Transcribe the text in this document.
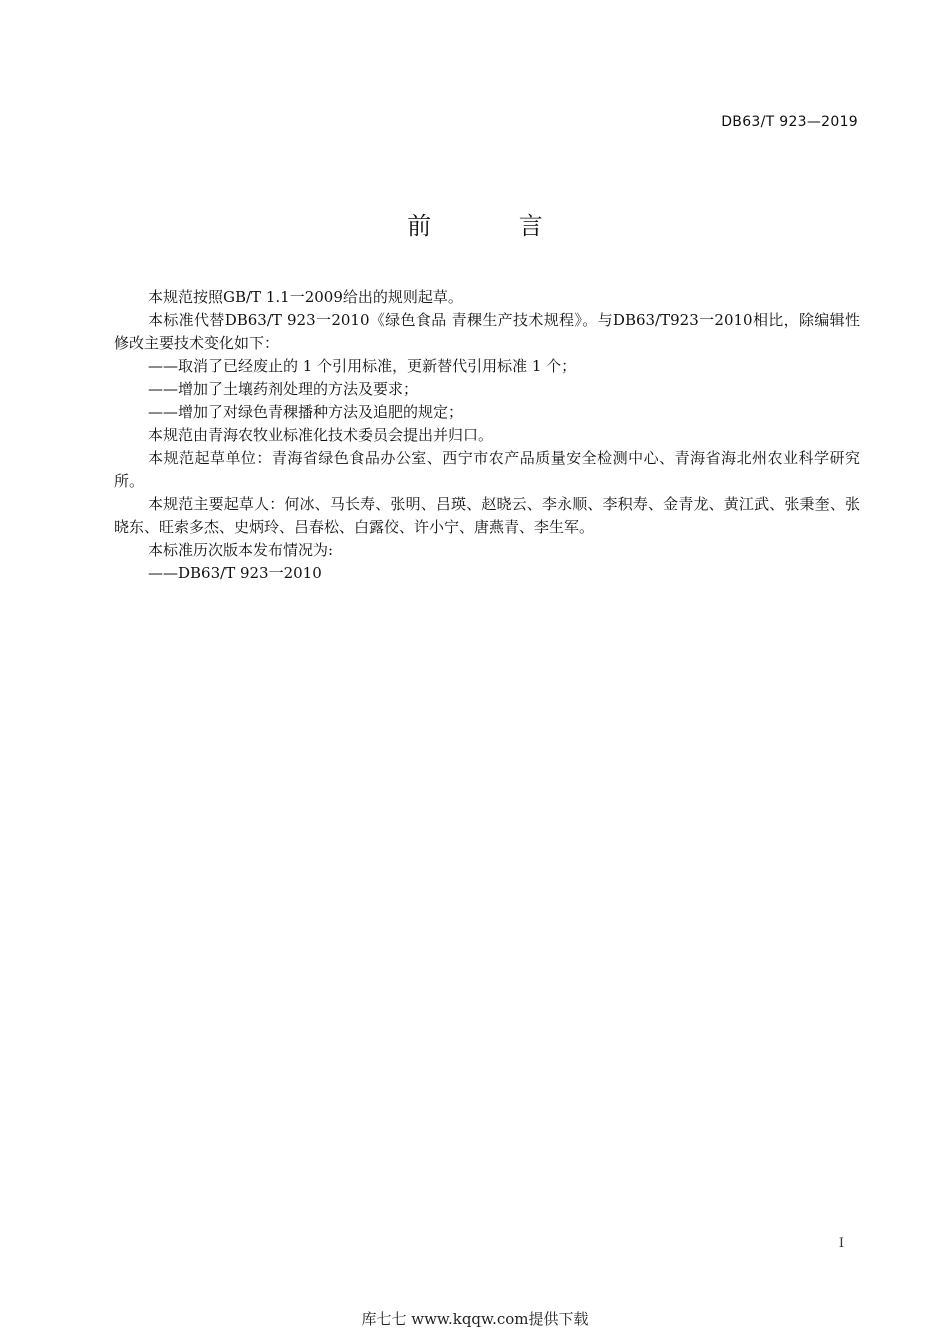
DB63/T 923—2019
前 言

本规范按照GB/T 1.1一2009给出的规则起草。

本标准代替DB63/T 923一2010《绿色食品 青稞生产技术规程》。与DB63/T923一2010相比，除编辑性修改主要技术变化如下：

——取消了已经废止的 1 个引用标准，更新替代引用标准 1 个；

——增加了土壤药剂处理的方法及要求；

——增加了对绿色青稞播种方法及追肥的规定；

本规范由青海农牧业标准化技术委员会提出并归口。

本规范起草单位：青海省绿色食品办公室、西宁市农产品质量安全检测中心、青海省海北州农业科学研究所。

本规范主要起草人：何冰、马长寿、张明、吕瑛、赵晓云、李永顺、李积寿、金青龙、黄江武、张秉奎、张晓东、旺索多杰、史炳玲、吕春松、白露佼、许小宁、唐燕青、李生军。

本标准历次版本发布情况为:

——DB63/T 923一2010

I
库七七 www.kqqw.com提供下载
